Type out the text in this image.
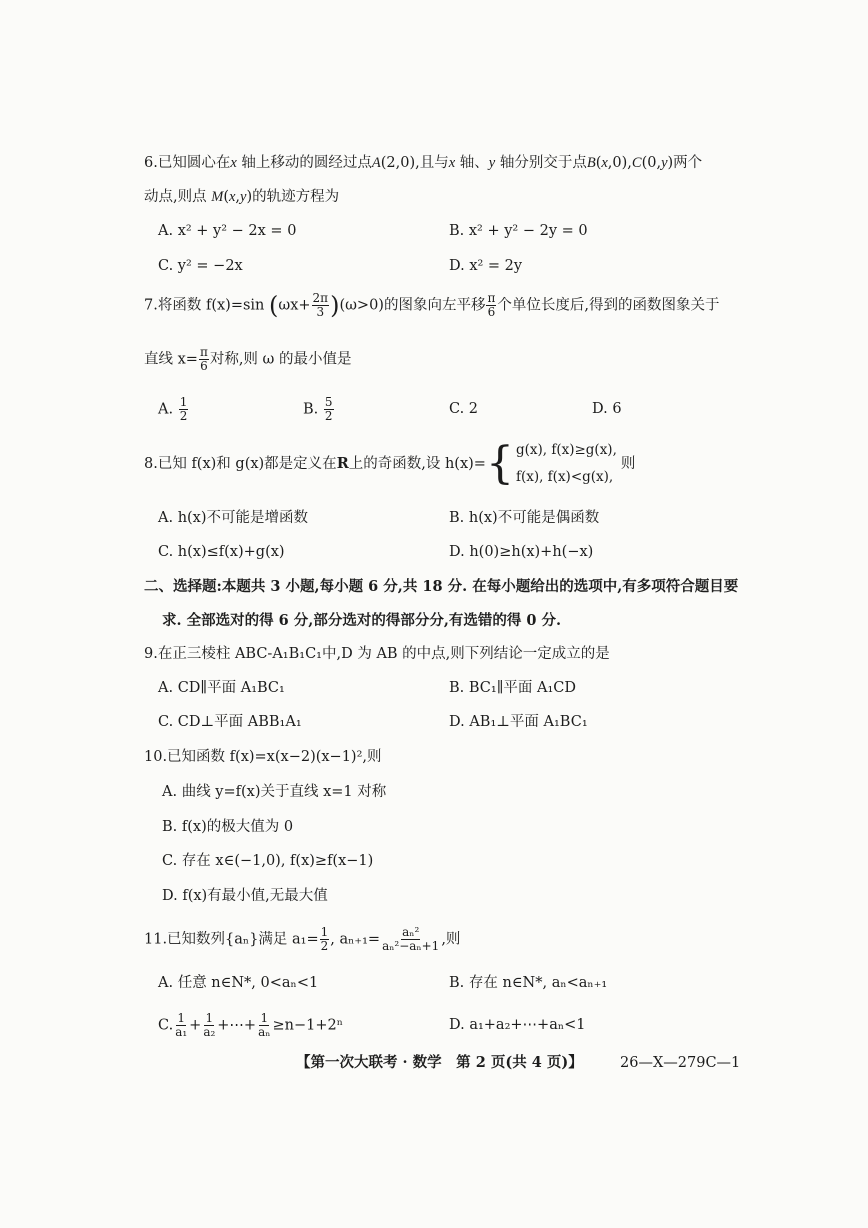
6.已知圆心在x 轴上移动的圆经过点A(2,0),且与x 轴、y 轴分别交于点B(x,0),C(0,y)两个
动点,则点 M(x,y)的轨迹方程为
A. x² + y² − 2x = 0	B. x² + y² − 2y = 0
C. y² = −2x	D. x² = 2y
7.将函数 f(x)=sin $(\omega x+ \frac{2\pi}{3} )(\omega>0)$的图象向左平移 $\frac{\pi}{6}$ 个单位长度后,得到的函数图象关于
直线 $x= \frac{\pi}{6}$ 对称,则 ω 的最小值是
A. $\frac{1}{2}$	B. $\frac{5}{2}$	C. 2	D. 6
8.已知 f(x)和 g(x)都是定义在 R 上的奇函数,设 h(x)= { g(x), f(x)≥g(x),
f(x), f(x)<g(x),
则
A. h(x)不可能是增函数	B. h(x)不可能是偶函数
C. h(x)≤f(x)+g(x)	D. h(0)≥h(x)+h(−x)
二、选择题:本题共 3 小题,每小题 6 分,共 18 分. 在每小题给出的选项中,有多项符合题目要
求. 全部选对的得 6 分,部分选对的得部分分,有选错的得 0 分.
9.在正三棱柱 ABC-A₁B₁C₁中,D 为 AB 的中点,则下列结论一定成立的是
A. CD∥平面 A₁BC₁	B. BC₁∥平面 A₁CD
C. CD⊥平面 ABB₁A₁	D. AB₁⊥平面 A₁BC₁
10.已知函数 f(x)=x(x−2)(x−1)²,则
A. 曲线 y=f(x)关于直线 x=1 对称
B. f(x)的极大值为 0
C. 存在 x∈(−1,0), f(x)≥f(x−1)
D. f(x)有最小值,无最大值
11.已知数列{aₙ}满足 $a_1= \frac{1}{2}$ , $a_{n+1}= \frac{\text{aₙ²}}{\text{aₙ²−aₙ+1}}$ ,则
A. 任意 n∈N*, 0<aₙ<1	B. 存在 n∈N*, aₙ<aₙ₊₁
C. $\frac{1}{\text{a₁}} + \frac{1}{\text{a₂}}$ +⋯+ $\frac{1}{\text{aₙ}} \ge n-1+2^n$	D. a₁+a₂+⋯+aₙ<1
【第一次大联考 · 数学　第 2 页(共 4 页)】	26—X—279C—1
